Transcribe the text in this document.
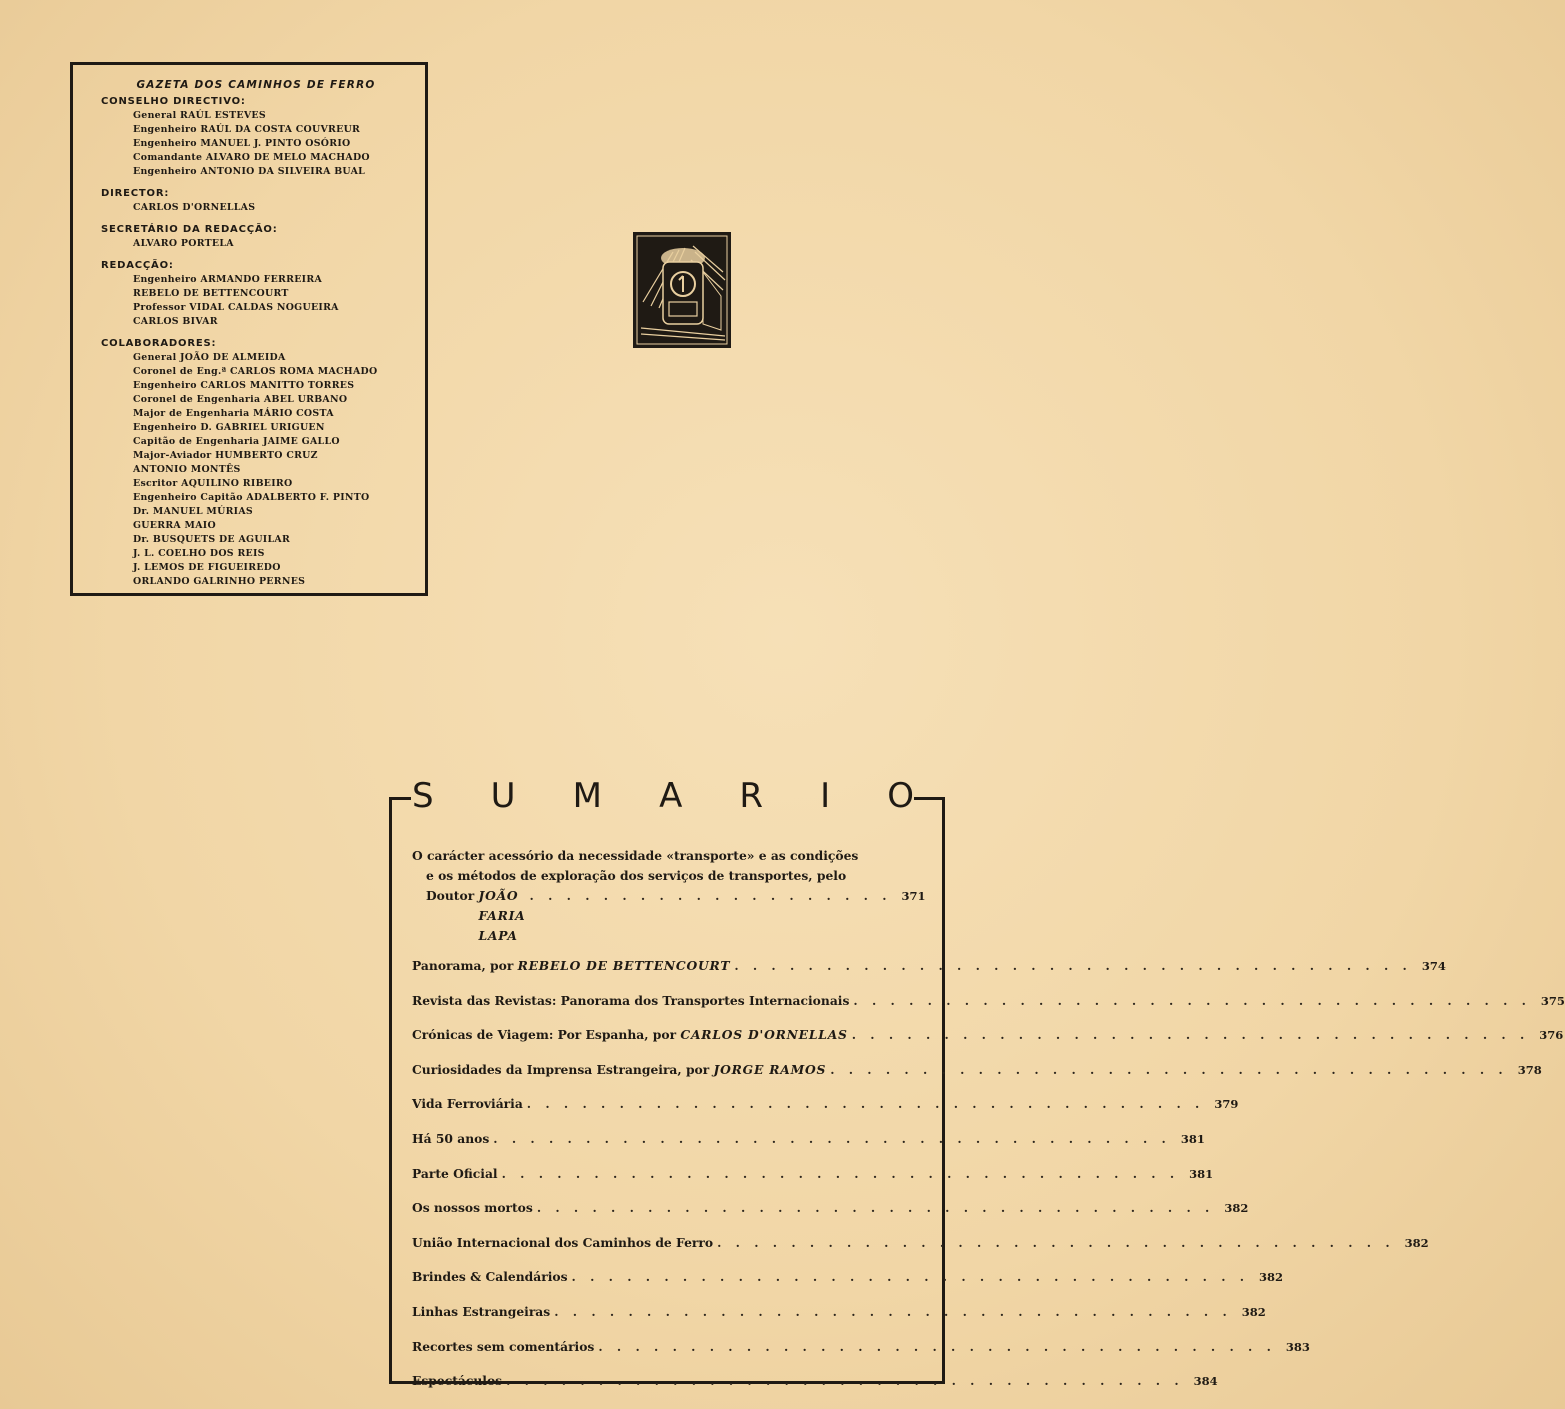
GAZETA DOS CAMINHOS DE FERRO
CONSELHO DIRECTIVO:
General RAÚL ESTEVES
Engenheiro RAÚL DA COSTA COUVREUR
Engenheiro MANUEL J. PINTO OSÓRIO
Comandante ALVARO DE MELO MACHADO
Engenheiro ANTONIO DA SILVEIRA BUAL
DIRECTOR:
CARLOS D'ORNELLAS
SECRETÁRIO DA REDACÇÃO:
ALVARO PORTELA
REDACÇÃO:
Engenheiro ARMANDO FERREIRA
REBELO DE BETTENCOURT
Professor VIDAL CALDAS NOGUEIRA
CARLOS BIVAR
COLABORADORES:
General JOÃO DE ALMEIDA
Coronel de Eng.ª CARLOS ROMA MACHADO
Engenheiro CARLOS MANITTO TORRES
Coronel de Engenharia ABEL URBANO
Major de Engenharia MÁRIO COSTA
Engenheiro D. GABRIEL URIGUEN
Capitão de Engenharia JAIME GALLO
Major-Aviador HUMBERTO CRUZ
ANTONIO MONTÊS
Escritor AQUILINO RIBEIRO
Engenheiro Capitão ADALBERTO F. PINTO
Dr. MANUEL MÚRIAS
GUERRA MAIO
Dr. BUSQUETS DE AGUILAR
J. L. COELHO DOS REIS
J. LEMOS DE FIGUEIREDO
ORLANDO GALRINHO PERNES
S U M A R I O
O carácter acessório da necessidade «transporte» e as condições
e os métodos de exploração dos serviços de transportes, pelo
Doutor
JOÃO FARIA LAPA
. . . . . . . . . . . . . . . . . . . . 371
Panorama, por
REBELO DE BETTENCOURT . . . . . . . . . . . . . . . . . . . . . . . . . . . . . . . . . . . . . 374
Revista das Revistas: Panorama dos Transportes Internacionais . . . . . . . . . . . . . . . . . . . . . . . . . . . . . . . . . . . . . 375
Crónicas de Viagem: Por Espanha, por
CARLOS D'ORNELLAS . . . . . . . . . . . . . . . . . . . . . . . . . . . . . . . . . . . . . 376
Curiosidades da Imprensa Estrangeira, por
JORGE RAMOS . . . . . . . . . . . . . . . . . . . . . . . . . . . . . . . . . . . . . 378
Vida Ferroviária . . . . . . . . . . . . . . . . . . . . . . . . . . . . . . . . . . . . . 379
Há 50 anos . . . . . . . . . . . . . . . . . . . . . . . . . . . . . . . . . . . . . 381
Parte Oficial . . . . . . . . . . . . . . . . . . . . . . . . . . . . . . . . . . . . . 381
Os nossos mortos . . . . . . . . . . . . . . . . . . . . . . . . . . . . . . . . . . . . . 382
União Internacional dos Caminhos de Ferro . . . . . . . . . . . . . . . . . . . . . . . . . . . . . . . . . . . . . 382
Brindes & Calendários . . . . . . . . . . . . . . . . . . . . . . . . . . . . . . . . . . . . . 382
Linhas Estrangeiras . . . . . . . . . . . . . . . . . . . . . . . . . . . . . . . . . . . . . 382
Recortes sem comentários . . . . . . . . . . . . . . . . . . . . . . . . . . . . . . . . . . . . . 383
Espectáculos . . . . . . . . . . . . . . . . . . . . . . . . . . . . . . . . . . . . . 384
